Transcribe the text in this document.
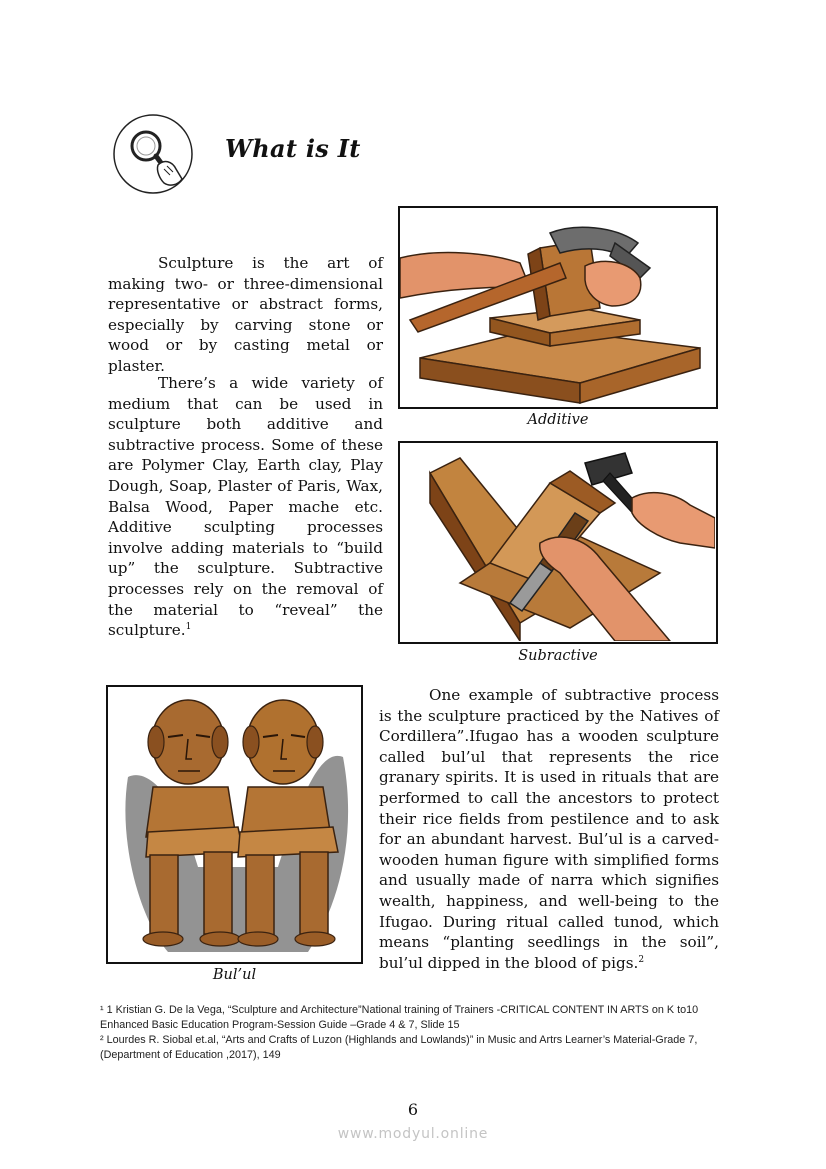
What is It

Sculpture is the art of making two- or three-dimensional representative or abstract forms, especially by carving stone or wood or by casting metal or plaster.

There’s a wide variety of medium that can be used in sculpture both additive and subtractive process. Some of these are Polymer Clay, Earth clay, Play Dough, Soap, Plaster of Paris, Wax, Balsa Wood, Paper mache etc. Additive sculpting processes involve adding materials to “build up” the sculpture. Subtractive processes rely on the removal of the material to “reveal” the sculpture.$^1$

Additive
Subractive
Bul’ul

One example of subtractive process is the sculpture practiced by the Natives of Cordillera”.Ifugao has a wooden sculpture called bul’ul that represents the rice granary spirits. It is used in rituals that are performed to call the ancestors to protect their rice fields from pestilence and to ask for an abundant harvest. Bul’ul is a carved-wooden human figure with simplified forms and usually made of narra which signifies wealth, happiness, and well-being to the Ifugao. During ritual called tunod, which means “planting seedlings in the soil”, bul’ul dipped in the blood of pigs.$^2$

¹ 1 Kristian G. De la Vega, “Sculpture and Architecture”National training of Trainers -CRITICAL CONTENT IN ARTS on K to10 Enhanced Basic Education Program-Session Guide –Grade 4 & 7, Slide 15

² Lourdes R. Siobal et.al, “Arts and Crafts of Luzon (Highlands and Lowlands)” in Music and Artrs Learner’s Material-Grade 7, (Department of Education ,2017), 149

6
www.modyul.online
